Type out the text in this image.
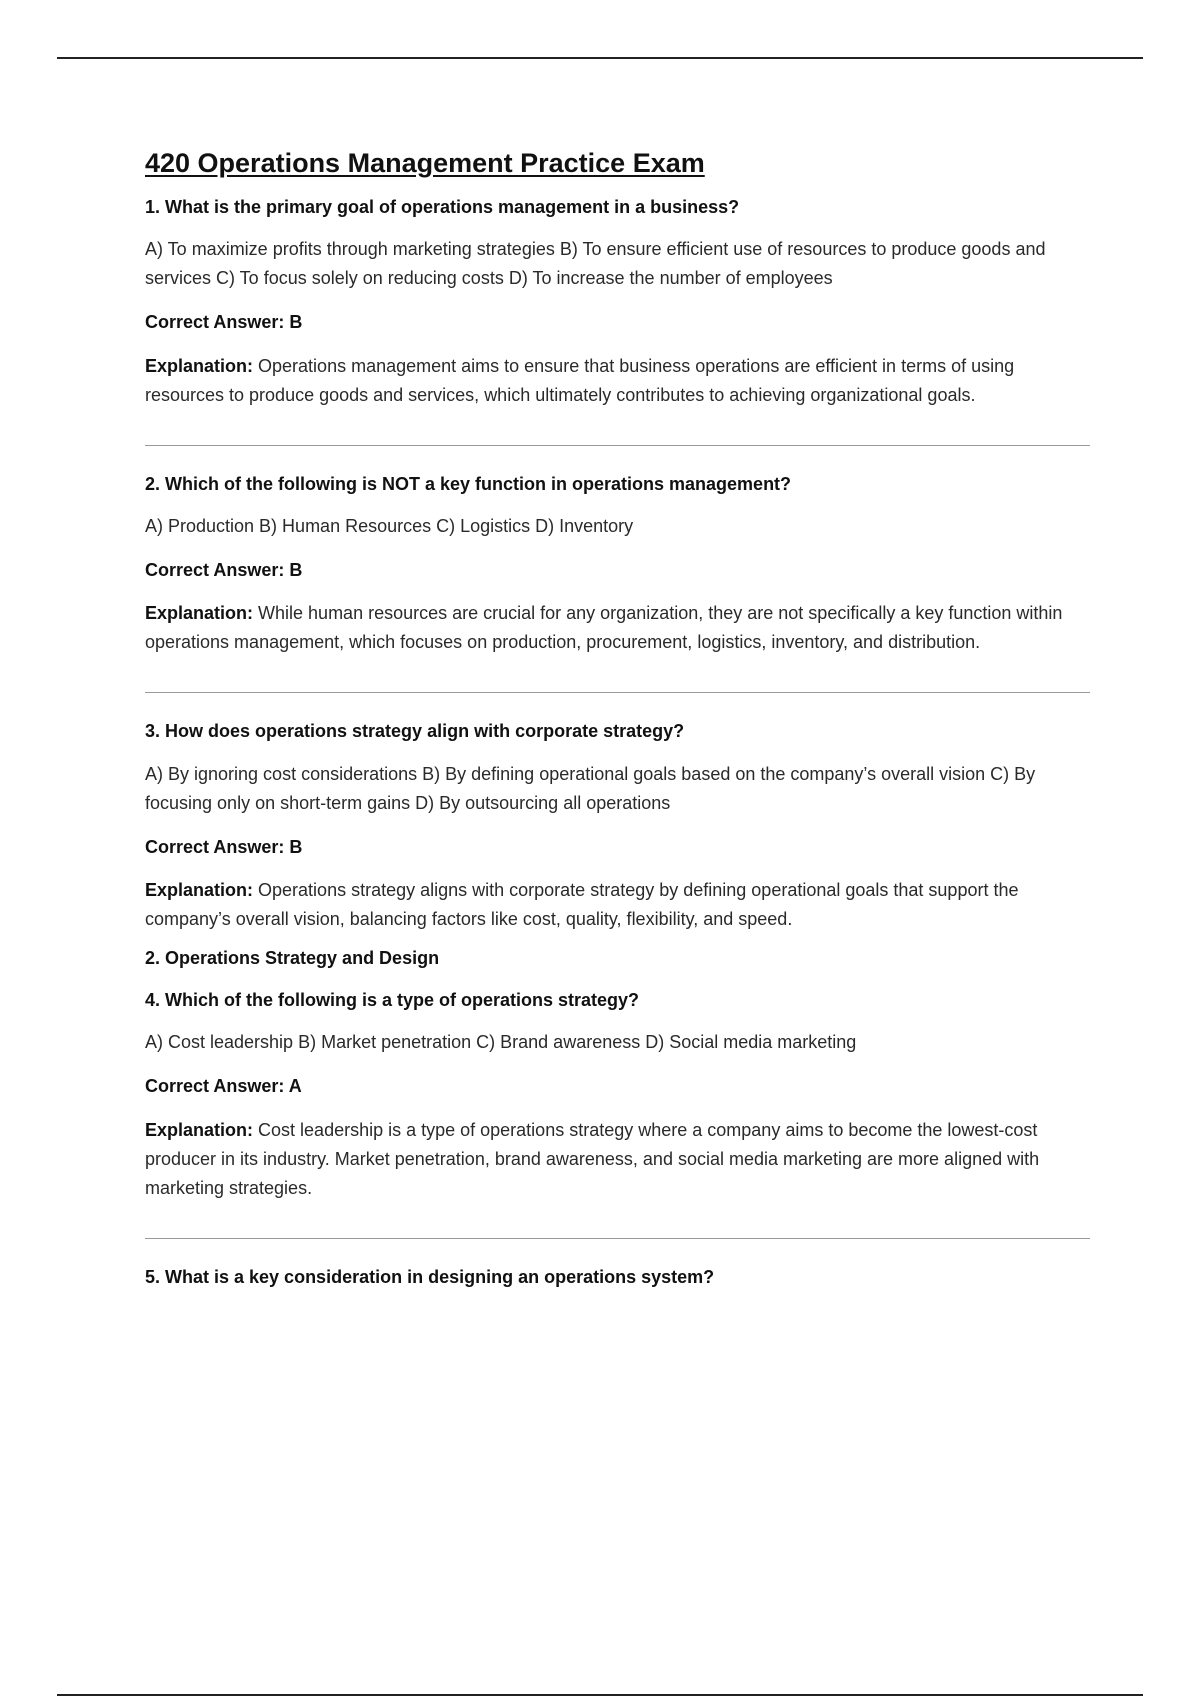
420 Operations Management Practice Exam

1. What is the primary goal of operations management in a business?

A) To maximize profits through marketing strategies B) To ensure efficient use of resources to produce goods and services C) To focus solely on reducing costs D) To increase the number of employees

Correct Answer: B

Explanation: Operations management aims to ensure that business operations are efficient in terms of using resources to produce goods and services, which ultimately contributes to achieving organizational goals.

2. Which of the following is NOT a key function in operations management?

A) Production B) Human Resources C) Logistics D) Inventory

Correct Answer: B

Explanation: While human resources are crucial for any organization, they are not specifically a key function within operations management, which focuses on production, procurement, logistics, inventory, and distribution.

3. How does operations strategy align with corporate strategy?

A) By ignoring cost considerations B) By defining operational goals based on the company’s overall vision C) By focusing only on short-term gains D) By outsourcing all operations

Correct Answer: B

Explanation: Operations strategy aligns with corporate strategy by defining operational goals that support the company’s overall vision, balancing factors like cost, quality, flexibility, and speed.

2. Operations Strategy and Design

4. Which of the following is a type of operations strategy?

A) Cost leadership B) Market penetration C) Brand awareness D) Social media marketing

Correct Answer: A

Explanation: Cost leadership is a type of operations strategy where a company aims to become the lowest-cost producer in its industry. Market penetration, brand awareness, and social media marketing are more aligned with marketing strategies.

5. What is a key consideration in designing an operations system?
